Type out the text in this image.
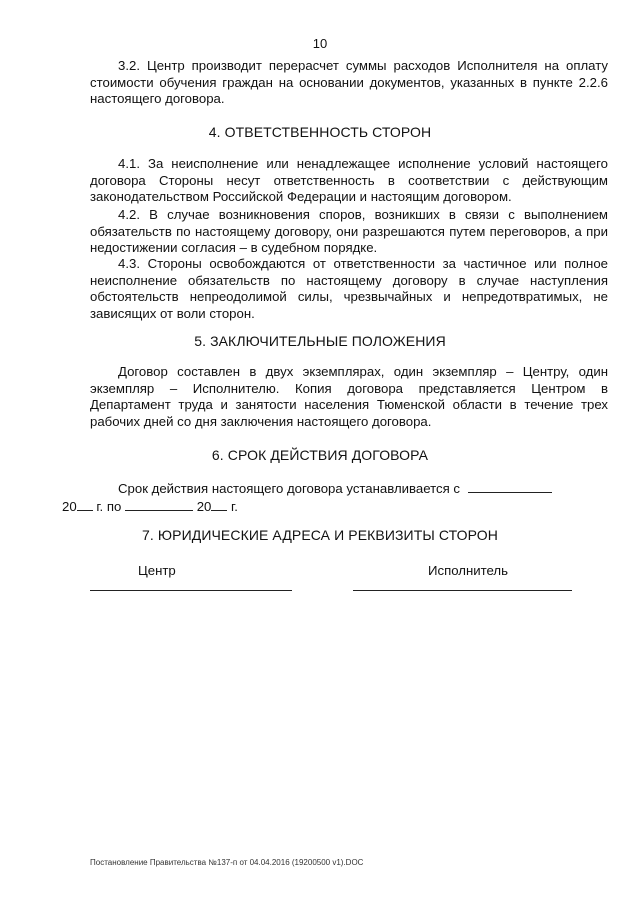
10
3.2. Центр производит перерасчет суммы расходов Исполнителя на оплату стоимости обучения граждан на основании документов, указанных в пункте 2.2.6 настоящего договора.
4. ОТВЕТСТВЕННОСТЬ СТОРОН
4.1. За неисполнение или ненадлежащее исполнение условий настоящего договора Стороны несут ответственность в соответствии с действующим законодательством Российской Федерации и настоящим договором.
4.2. В случае возникновения споров, возникших в связи с выполнением обязательств по настоящему договору, они разрешаются путем переговоров, а при недостижении согласия – в судебном порядке.
4.3. Стороны освобождаются от ответственности за частичное или полное неисполнение обязательств по настоящему договору в случае наступления обстоятельств непреодолимой силы, чрезвычайных и непредотвратимых, не зависящих от воли сторон.
5. ЗАКЛЮЧИТЕЛЬНЫЕ ПОЛОЖЕНИЯ
Договор составлен в двух экземплярах, один экземпляр – Центру, один экземпляр – Исполнителю. Копия договора представляется Центром в Департамент труда и занятости населения Тюменской области в течение трех рабочих дней со дня заключения настоящего договора.
6. СРОК ДЕЙСТВИЯ ДОГОВОРА
Срок действия настоящего договора устанавливается с
20 г. по	20 г.
7. ЮРИДИЧЕСКИЕ АДРЕСА И РЕКВИЗИТЫ СТОРОН
Центр	Исполнитель
Постановление Правительства №137-п от 04.04.2016 (19200500 v1).DOC
